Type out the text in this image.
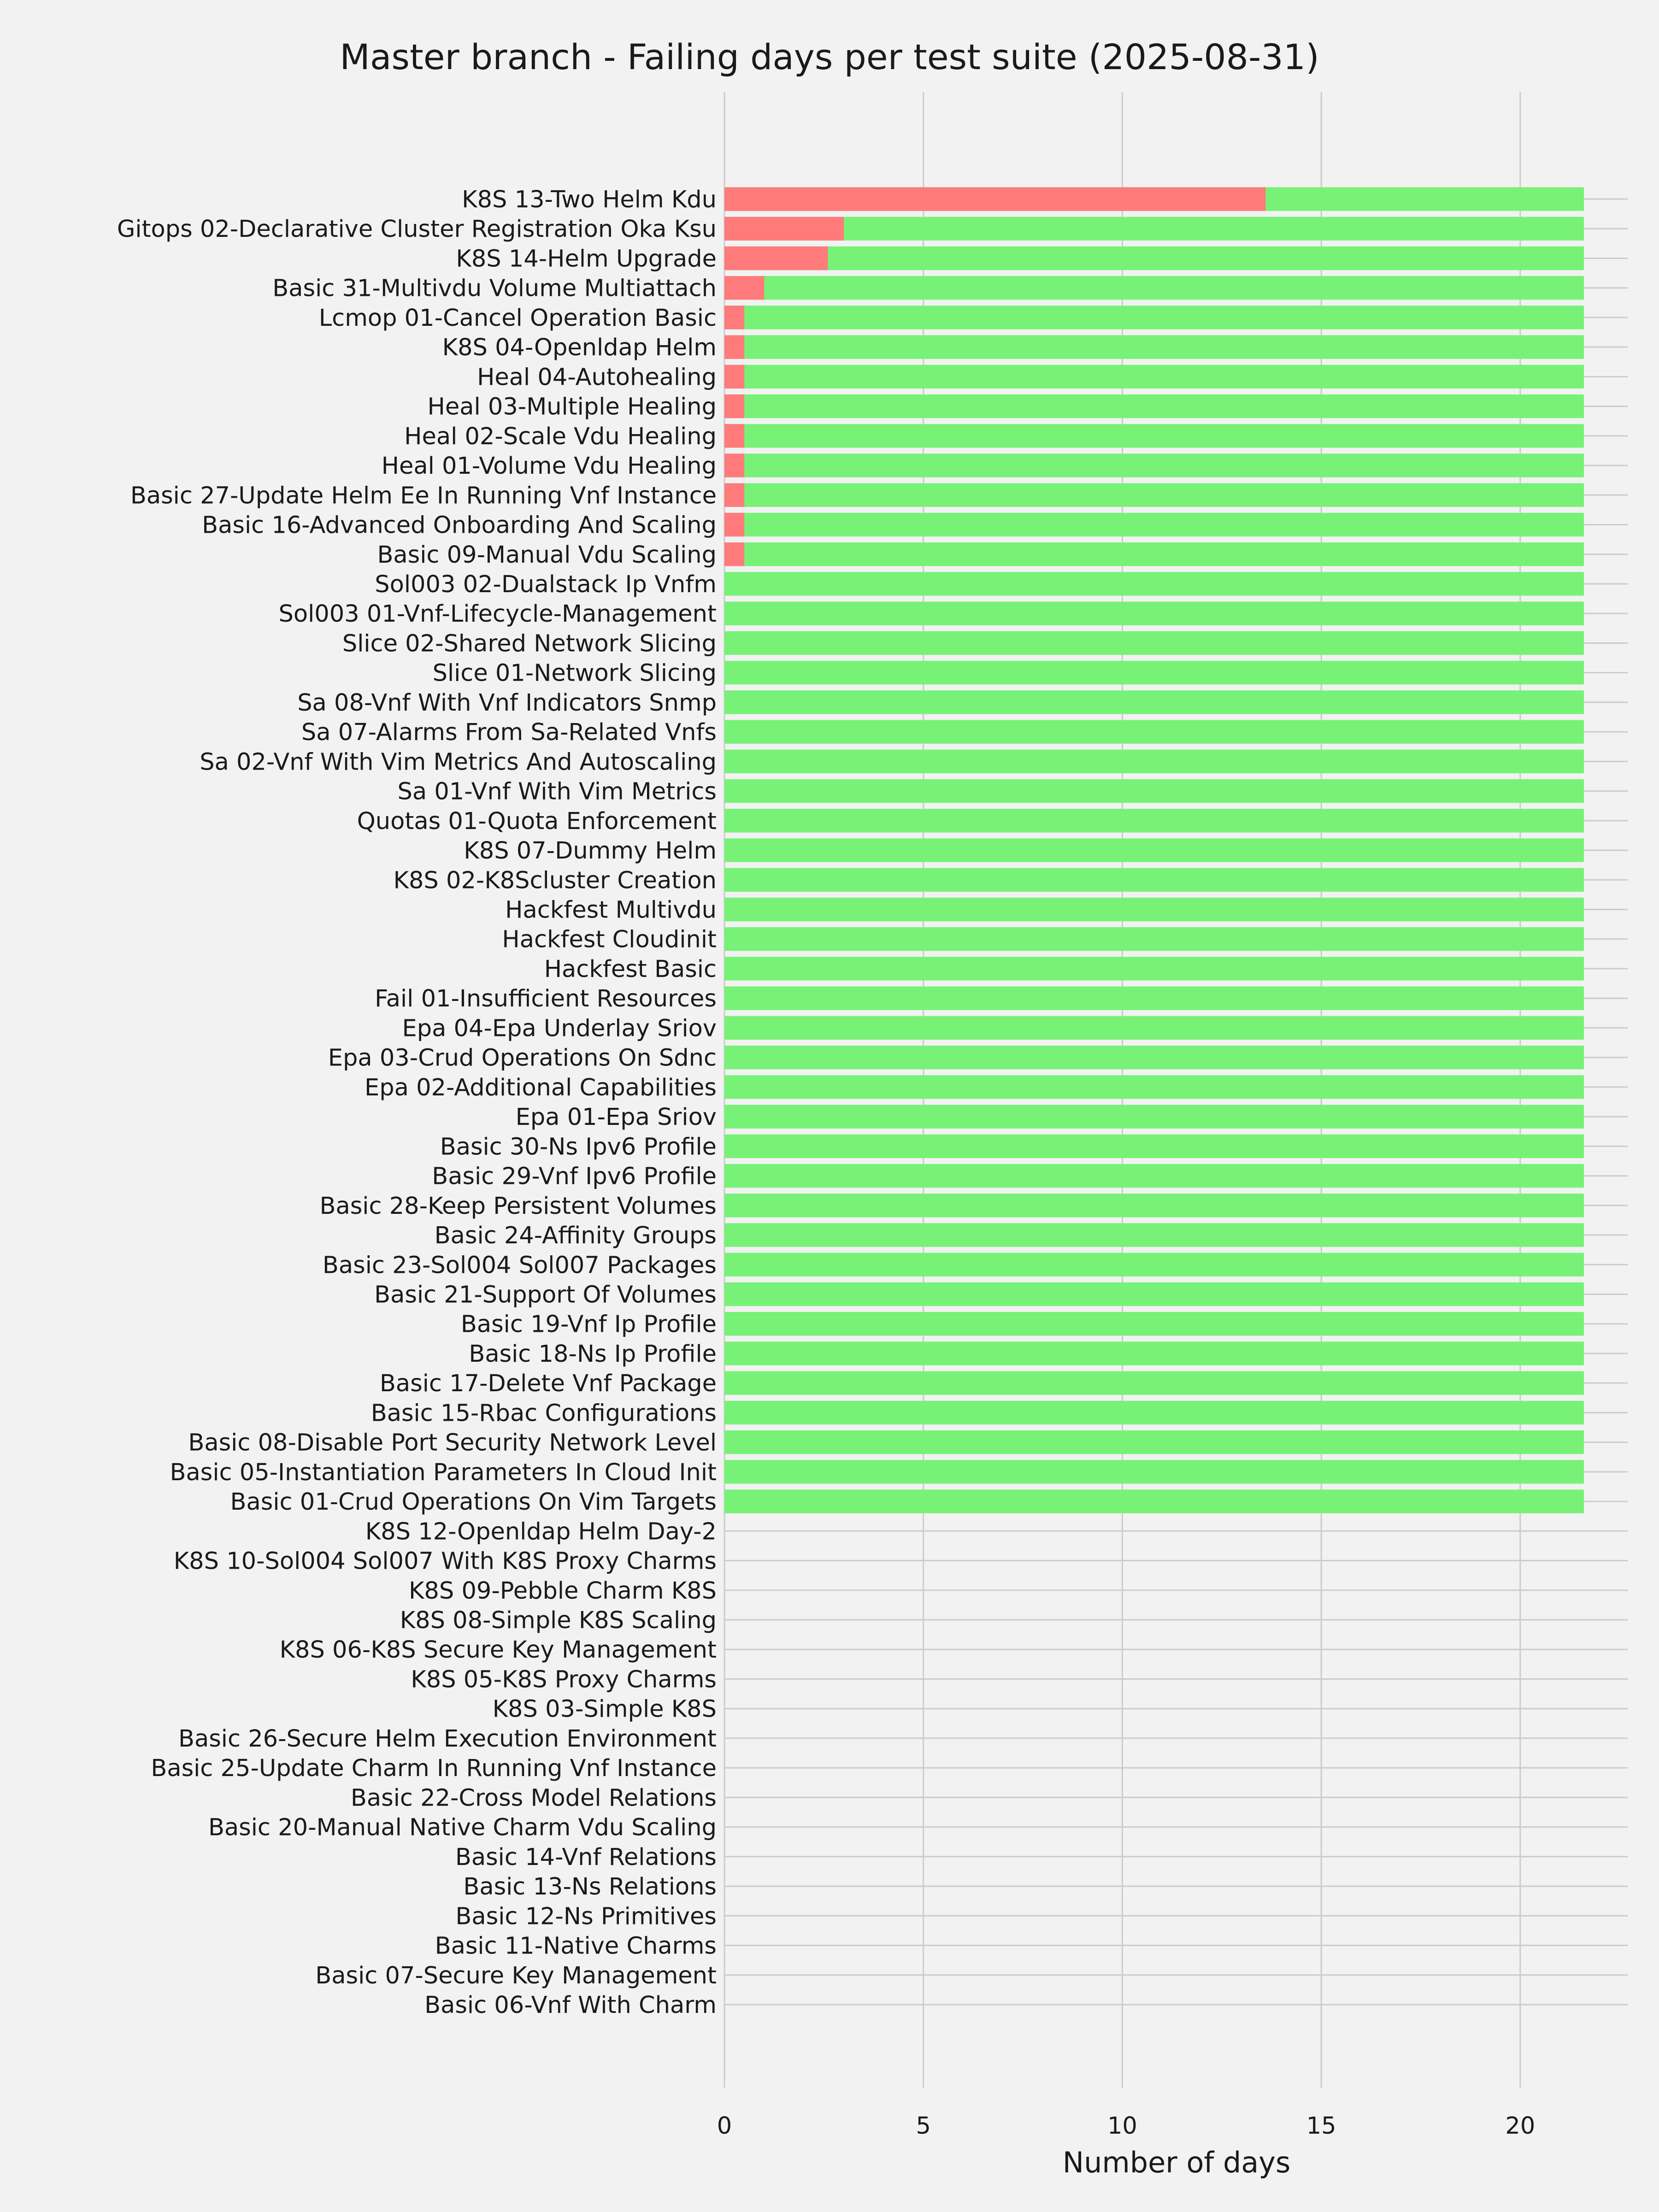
K8S 13-Two Helm Kdu
Gitops 02-Declarative Cluster Registration Oka Ksu
K8S 14-Helm Upgrade
Basic 31-Multivdu Volume Multiattach
Lcmop 01-Cancel Operation Basic
K8S 04-Openldap Helm
Heal 04-Autohealing
Heal 03-Multiple Healing
Heal 02-Scale Vdu Healing
Heal 01-Volume Vdu Healing
Basic 27-Update Helm Ee In Running Vnf Instance
Basic 16-Advanced Onboarding And Scaling
Basic 09-Manual Vdu Scaling
Sol003 02-Dualstack Ip Vnfm
Sol003 01-Vnf-Lifecycle-Management
Slice 02-Shared Network Slicing
Slice 01-Network Slicing
Sa 08-Vnf With Vnf Indicators Snmp
Sa 07-Alarms From Sa-Related Vnfs
Sa 02-Vnf With Vim Metrics And Autoscaling
Sa 01-Vnf With Vim Metrics
Quotas 01-Quota Enforcement
K8S 07-Dummy Helm
K8S 02-K8Scluster Creation
Hackfest Multivdu
Hackfest Cloudinit
Hackfest Basic
Fail 01-Insufficient Resources
Epa 04-Epa Underlay Sriov
Epa 03-Crud Operations On Sdnc
Epa 02-Additional Capabilities
Epa 01-Epa Sriov
Basic 30-Ns Ipv6 Profile
Basic 29-Vnf Ipv6 Profile
Basic 28-Keep Persistent Volumes
Basic 24-Affinity Groups
Basic 23-Sol004 Sol007 Packages
Basic 21-Support Of Volumes
Basic 19-Vnf Ip Profile
Basic 18-Ns Ip Profile
Basic 17-Delete Vnf Package
Basic 15-Rbac Configurations
Basic 08-Disable Port Security Network Level
Basic 05-Instantiation Parameters In Cloud Init
Basic 01-Crud Operations On Vim Targets
K8S 12-Openldap Helm Day-2
K8S 10-Sol004 Sol007 With K8S Proxy Charms
K8S 09-Pebble Charm K8S
K8S 08-Simple K8S Scaling
K8S 06-K8S Secure Key Management
K8S 05-K8S Proxy Charms
K8S 03-Simple K8S
Basic 26-Secure Helm Execution Environment
Basic 25-Update Charm In Running Vnf Instance
Basic 22-Cross Model Relations
Basic 20-Manual Native Charm Vdu Scaling
Basic 14-Vnf Relations
Basic 13-Ns Relations
Basic 12-Ns Primitives
Basic 11-Native Charms
Basic 07-Secure Key Management
Basic 06-Vnf With Charm
0	5	10	15	20
Master branch - Failing days per test suite (2025-08-31)
Number of days
